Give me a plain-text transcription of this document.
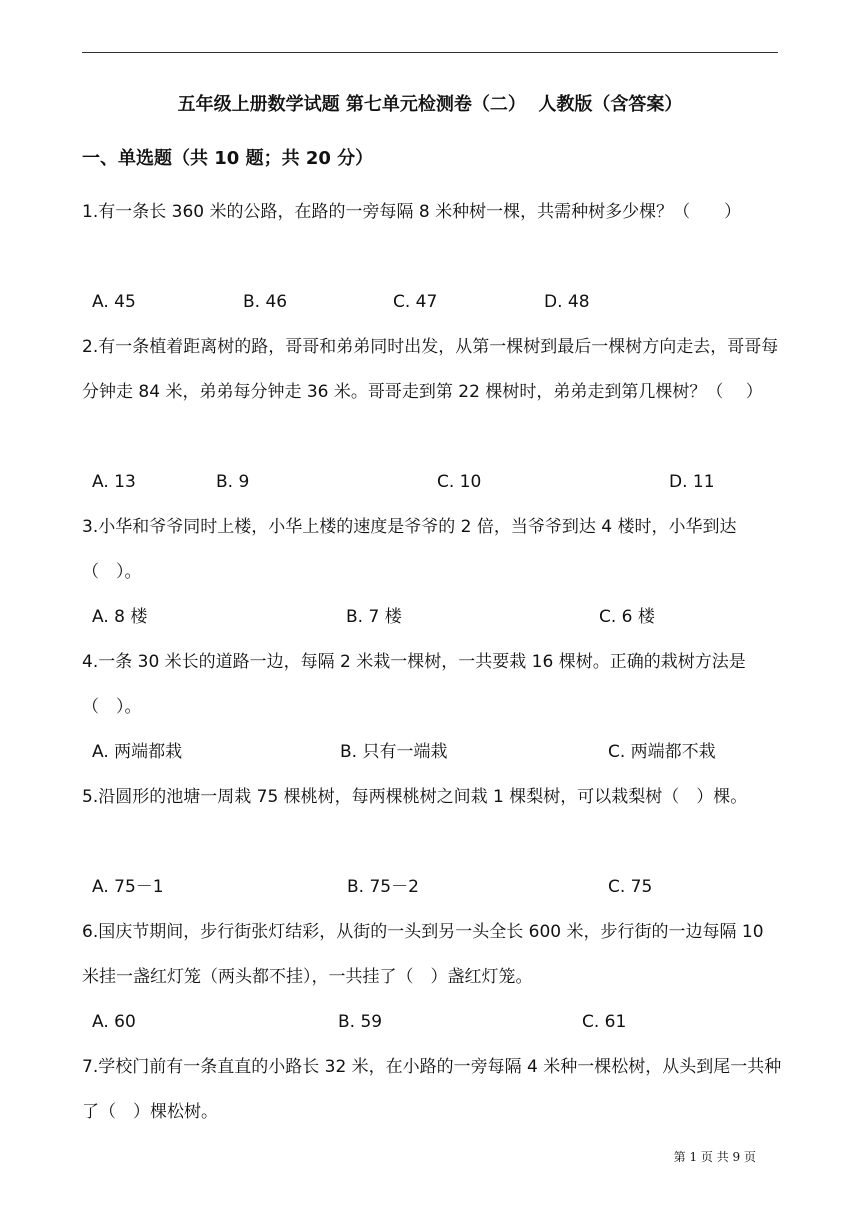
五年级上册数学试题 第七单元检测卷（二）  人教版（含答案）
一、单选题（共 10 题；共 20 分）
1.有一条长 360 米的公路，在路的一旁每隔 8 米种树一棵，共需种树多少棵？（　　）
A. 45	B. 46	C. 47	D. 48
2.有一条植着距离树的路，哥哥和弟弟同时出发，从第一棵树到最后一棵树方向走去，哥哥每分钟走 84 米，弟弟每分钟走 36 米。哥哥走到第 22 棵树时，弟弟走到第几棵树？（　 ）
A. 13	B. 9	C. 10	D. 11
3.小华和爷爷同时上楼，小华上楼的速度是爷爷的 2 倍，当爷爷到达 4 楼时，小华到达（　）。
A. 8 楼	B. 7 楼	C. 6 楼
4.一条 30 米长的道路一边，每隔 2 米栽一棵树，一共要栽 16 棵树。正确的栽树方法是（　）。
A. 两端都栽	B. 只有一端栽	C. 两端都不栽
5.沿圆形的池塘一周栽 75 棵桃树，每两棵桃树之间栽 1 棵梨树，可以栽梨树（　）棵。
A. 75－1	B. 75－2	C. 75
6.国庆节期间，步行街张灯结彩，从街的一头到另一头全长 600 米，步行街的一边每隔 10 米挂一盏红灯笼（两头都不挂），一共挂了（　）盏红灯笼。
A. 60	B. 59	C. 61
7.学校门前有一条直直的小路长 32 米，在小路的一旁每隔 4 米种一棵松树，从头到尾一共种了（　）棵松树。
第 1 页 共 9 页
